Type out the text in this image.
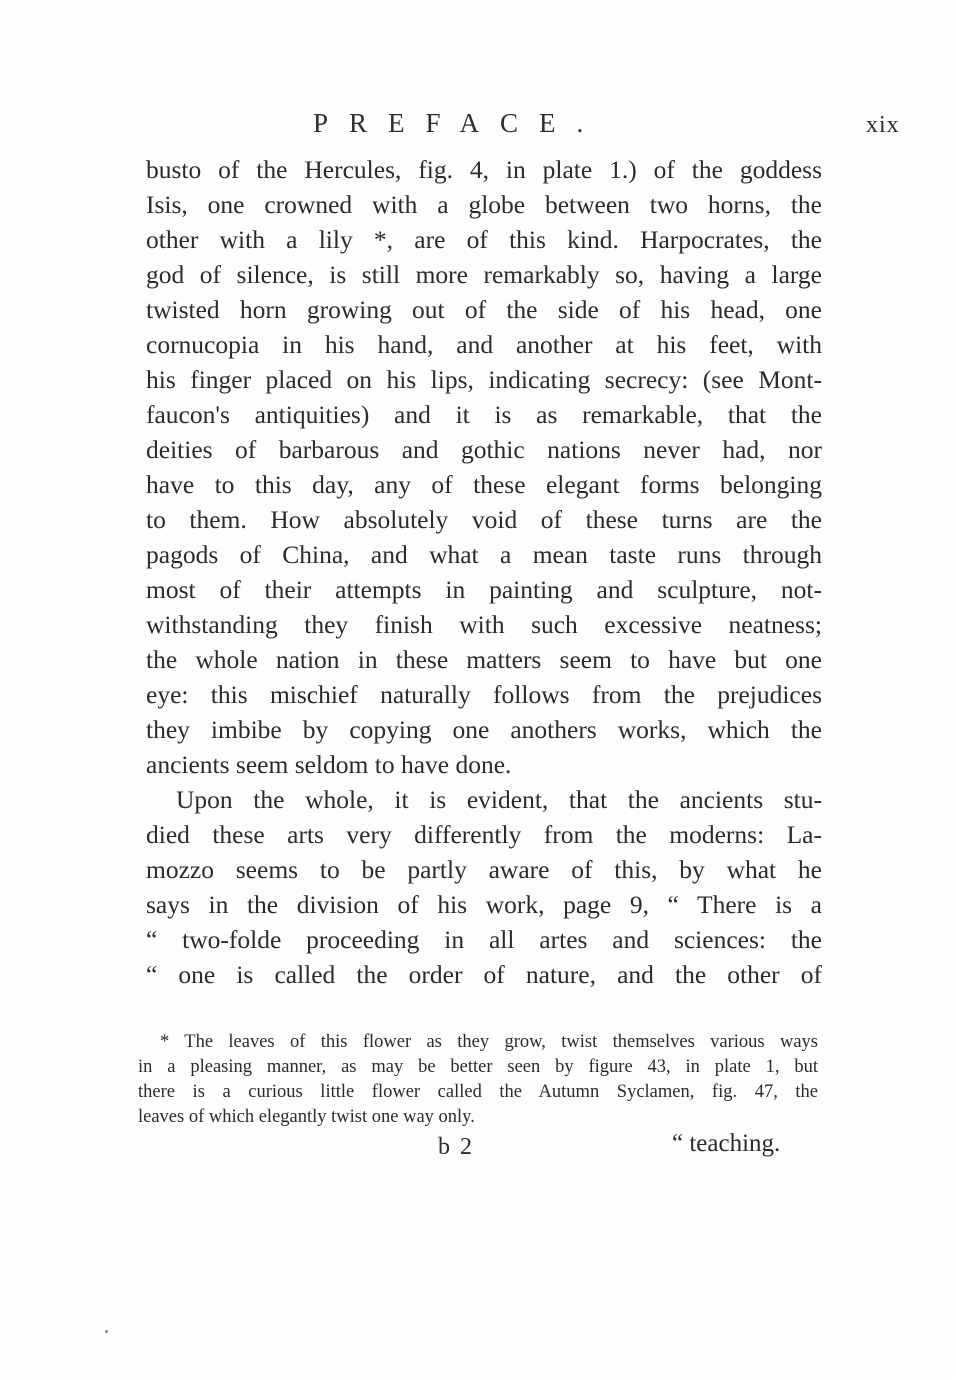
PREFACE.	xix
busto of the Hercules, fig. 4, in plate 1.) of the goddess
Isis, one crowned with a globe between two horns, the
other with a lily *, are of this kind. Harpocrates, the
god of silence, is still more remarkably so, having a large
twisted horn growing out of the side of his head, one
cornucopia in his hand, and another at his feet, with
his finger placed on his lips, indicating secrecy: (see Mont-
faucon's antiquities) and it is as remarkable, that the
deities of barbarous and gothic nations never had, nor
have to this day, any of these elegant forms belonging
to them. How absolutely void of these turns are the
pagods of China, and what a mean taste runs through
most of their attempts in painting and sculpture, not-
withstanding they finish with such excessive neatness;
the whole nation in these matters seem to have but one
eye: this mischief naturally follows from the prejudices
they imbibe by copying one anothers works, which the
ancients seem seldom to have done.
Upon the whole, it is evident, that the ancients stu-
died these arts very differently from the moderns: La-
mozzo seems to be partly aware of this, by what he
says in the division of his work, page 9, “ There is a
“ two-folde proceeding in all artes and sciences: the
“ one is called the order of nature, and the other of
* The leaves of this flower as they grow, twist themselves various ways
in a pleasing manner, as may be better seen by figure 43, in plate 1, but
there is a curious little flower called the Autumn Syclamen, fig. 47, the
leaves of which elegantly twist one way only.
b 2	“ teaching.
